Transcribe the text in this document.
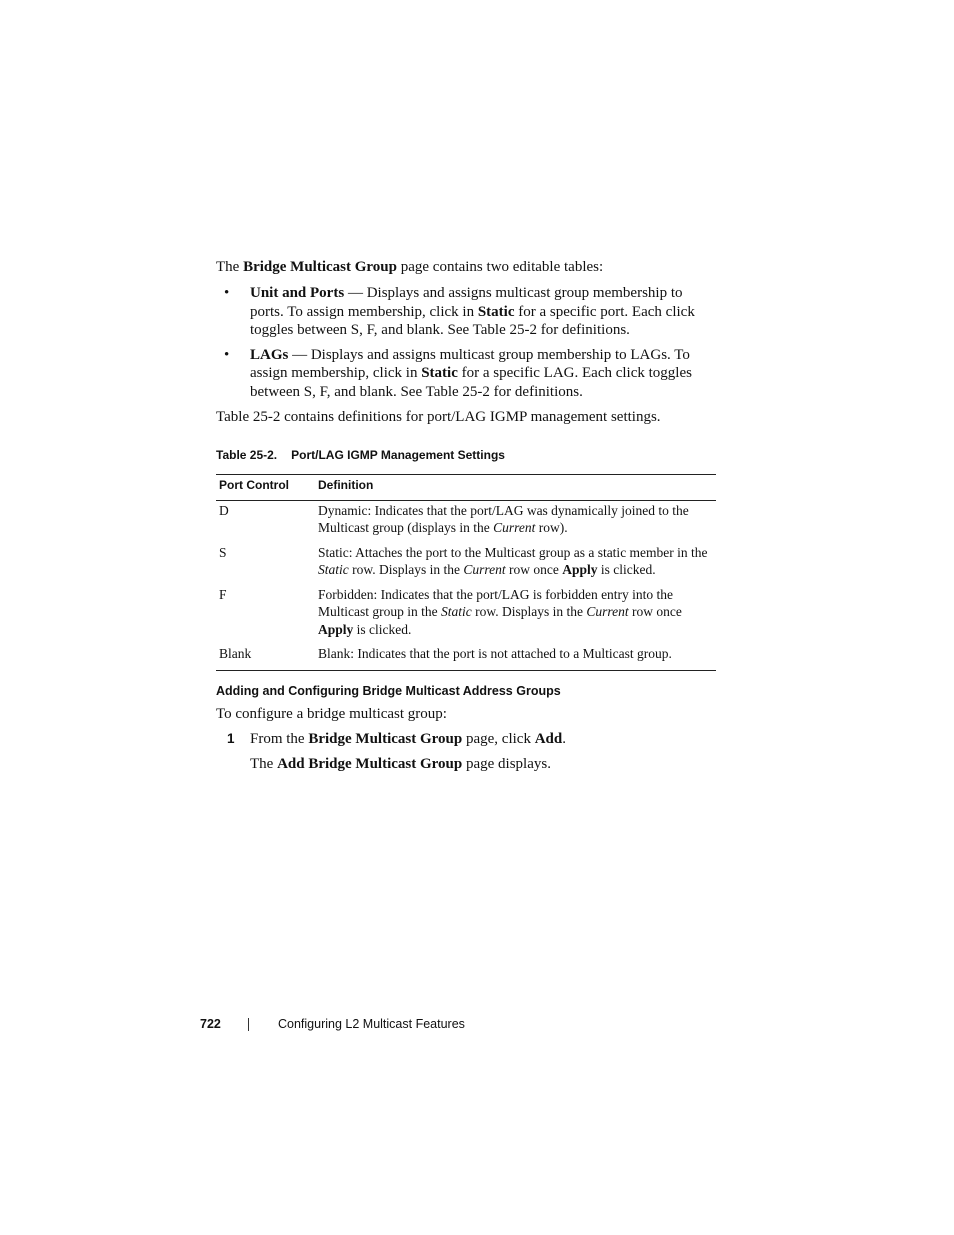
The Bridge Multicast Group page contains two editable tables:
• Unit and Ports — Displays and assigns multicast group membership to ports. To assign membership, click in Static for a specific port. Each click toggles between S, F, and blank. See Table 25-2 for definitions.
• LAGs — Displays and assigns multicast group membership to LAGs. To assign membership, click in Static for a specific LAG. Each click toggles between S, F, and blank. See Table 25-2 for definitions.
Table 25-2 contains definitions for port/LAG IGMP management settings.
Table 25-2. Port/LAG IGMP Management Settings
Port Control	Definition
D	Dynamic: Indicates that the port/LAG was dynamically joined to the Multicast group (displays in the Current row).
S	Static: Attaches the port to the Multicast group as a static member in the Static row. Displays in the Current row once Apply is clicked.
F	Forbidden: Indicates that the port/LAG is forbidden entry into the Multicast group in the Static row. Displays in the Current row once Apply is clicked.
Blank	Blank: Indicates that the port is not attached to a Multicast group.
Adding and Configuring Bridge Multicast Address Groups
To configure a bridge multicast group:
1 From the Bridge Multicast Group page, click Add.
The Add Bridge Multicast Group page displays.
722	Configuring L2 Multicast Features
